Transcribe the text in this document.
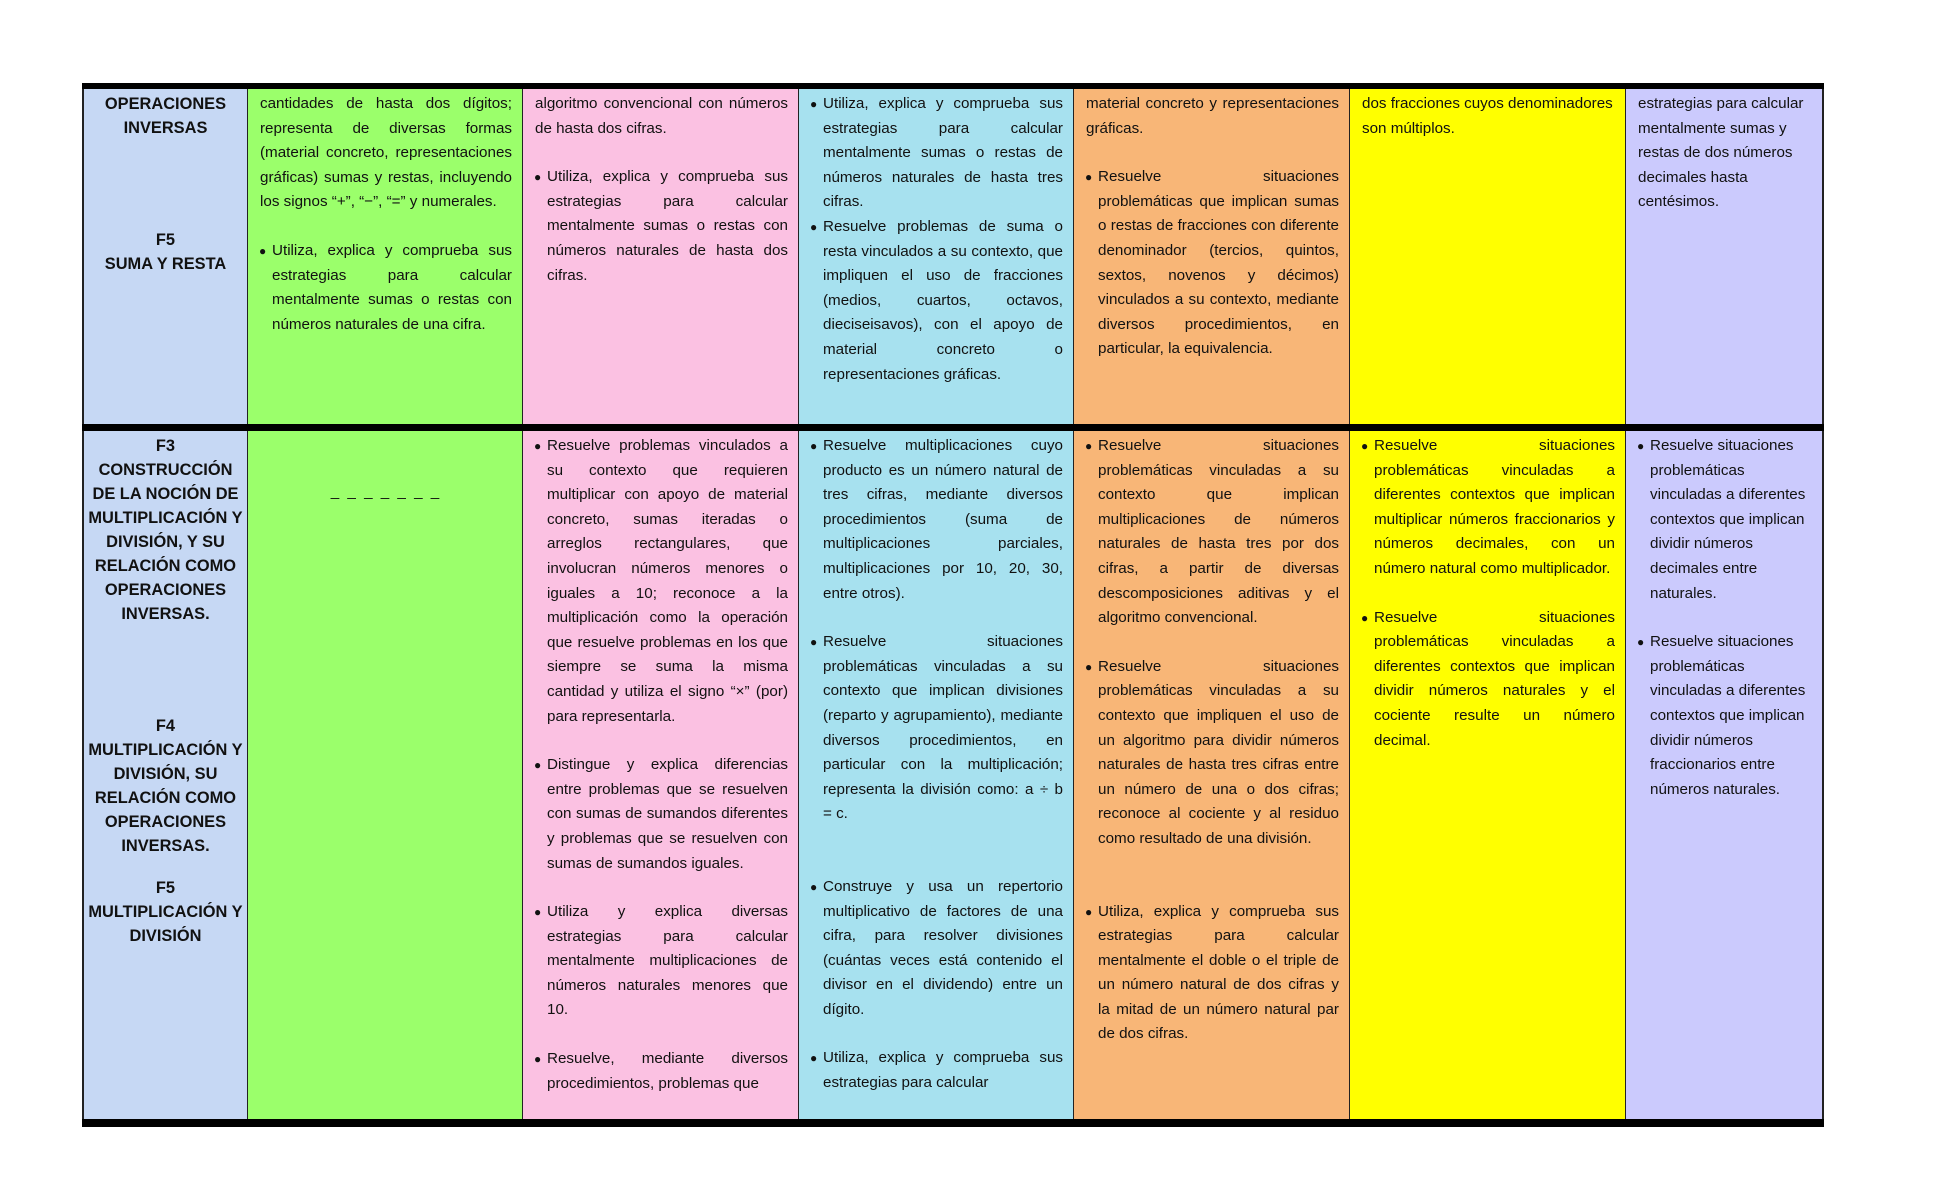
OPERACIONES
INVERSAS
F5
SUMA Y RESTA

cantidades de hasta dos dígitos; representa de diversas formas (material concreto, representaciones gráficas) sumas y restas, incluyendo los signos “+”, “−”, “=” y numerales.

● Utiliza, explica y comprueba sus estrategias para calcular mentalmente sumas o restas con números naturales de una cifra.

algoritmo convencional con números de hasta dos cifras.

● Utiliza, explica y comprueba sus estrategias para calcular mentalmente sumas o restas con números naturales de hasta dos cifras.

● Utiliza, explica y comprueba sus estrategias para calcular mentalmente sumas o restas de números naturales de hasta tres cifras.

● Resuelve problemas de suma o resta vinculados a su contexto, que impliquen el uso de fracciones (medios, cuartos, octavos, dieciseisavos), con el apoyo de material concreto o representaciones gráficas.

material concreto y representaciones gráficas.

● Resuelve situaciones problemáticas que implican sumas o restas de fracciones con diferente denominador (tercios, quintos, sextos, novenos y décimos) vinculados a su contexto, mediante diversos procedimientos, en particular, la equivalencia.

dos fracciones cuyos denominadores son múltiplos.

estrategias para calcular mentalmente sumas y restas de dos números decimales hasta centésimos.

F3
CONSTRUCCIÓN DE LA NOCIÓN DE MULTIPLICACIÓN Y DIVISIÓN, Y SU RELACIÓN COMO OPERACIONES INVERSAS.
F4
MULTIPLICACIÓN Y DIVISIÓN, SU RELACIÓN COMO OPERACIONES INVERSAS.
F5
MULTIPLICACIÓN Y DIVISIÓN

_ _ _ _ _ _ _

● Resuelve problemas vinculados a su contexto que requieren multiplicar con apoyo de material concreto, sumas iteradas o arreglos rectangulares, que involucran números menores o iguales a 10; reconoce a la multiplicación como la operación que resuelve problemas en los que siempre se suma la misma cantidad y utiliza el signo “×” (por) para representarla.

● Distingue y explica diferencias entre problemas que se resuelven con sumas de sumandos diferentes y problemas que se resuelven con sumas de sumandos iguales.

● Utiliza y explica diversas estrategias para calcular mentalmente multiplicaciones de números naturales menores que 10.

● Resuelve, mediante diversos procedimientos, problemas que

● Resuelve multiplicaciones cuyo producto es un número natural de tres cifras, mediante diversos procedimientos (suma de multiplicaciones parciales, multiplicaciones por 10, 20, 30, entre otros).

● Resuelve situaciones problemáticas vinculadas a su contexto que implican divisiones (reparto y agrupamiento), mediante diversos procedimientos, en particular con la multiplicación; representa la división como: a ÷ b = c.

● Construye y usa un repertorio multiplicativo de factores de una cifra, para resolver divisiones (cuántas veces está contenido el divisor en el dividendo) entre un dígito.

● Utiliza, explica y comprueba sus estrategias para calcular

● Resuelve situaciones problemáticas vinculadas a su contexto que implican multiplicaciones de números naturales de hasta tres por dos cifras, a partir de diversas descomposiciones aditivas y el algoritmo convencional.

● Resuelve situaciones problemáticas vinculadas a su contexto que impliquen el uso de un algoritmo para dividir números naturales de hasta tres cifras entre un número de una o dos cifras; reconoce al cociente y al residuo como resultado de una división.

● Utiliza, explica y comprueba sus estrategias para calcular mentalmente el doble o el triple de un número natural de dos cifras y la mitad de un número natural par de dos cifras.

● Resuelve situaciones problemáticas vinculadas a diferentes contextos que implican multiplicar números fraccionarios y números decimales, con un número natural como multiplicador.

● Resuelve situaciones problemáticas vinculadas a diferentes contextos que implican dividir números naturales y el cociente resulte un número decimal.

● Resuelve situaciones problemáticas vinculadas a diferentes contextos que implican dividir números decimales entre naturales.

● Resuelve situaciones problemáticas vinculadas a diferentes contextos que implican dividir números fraccionarios entre números naturales.
